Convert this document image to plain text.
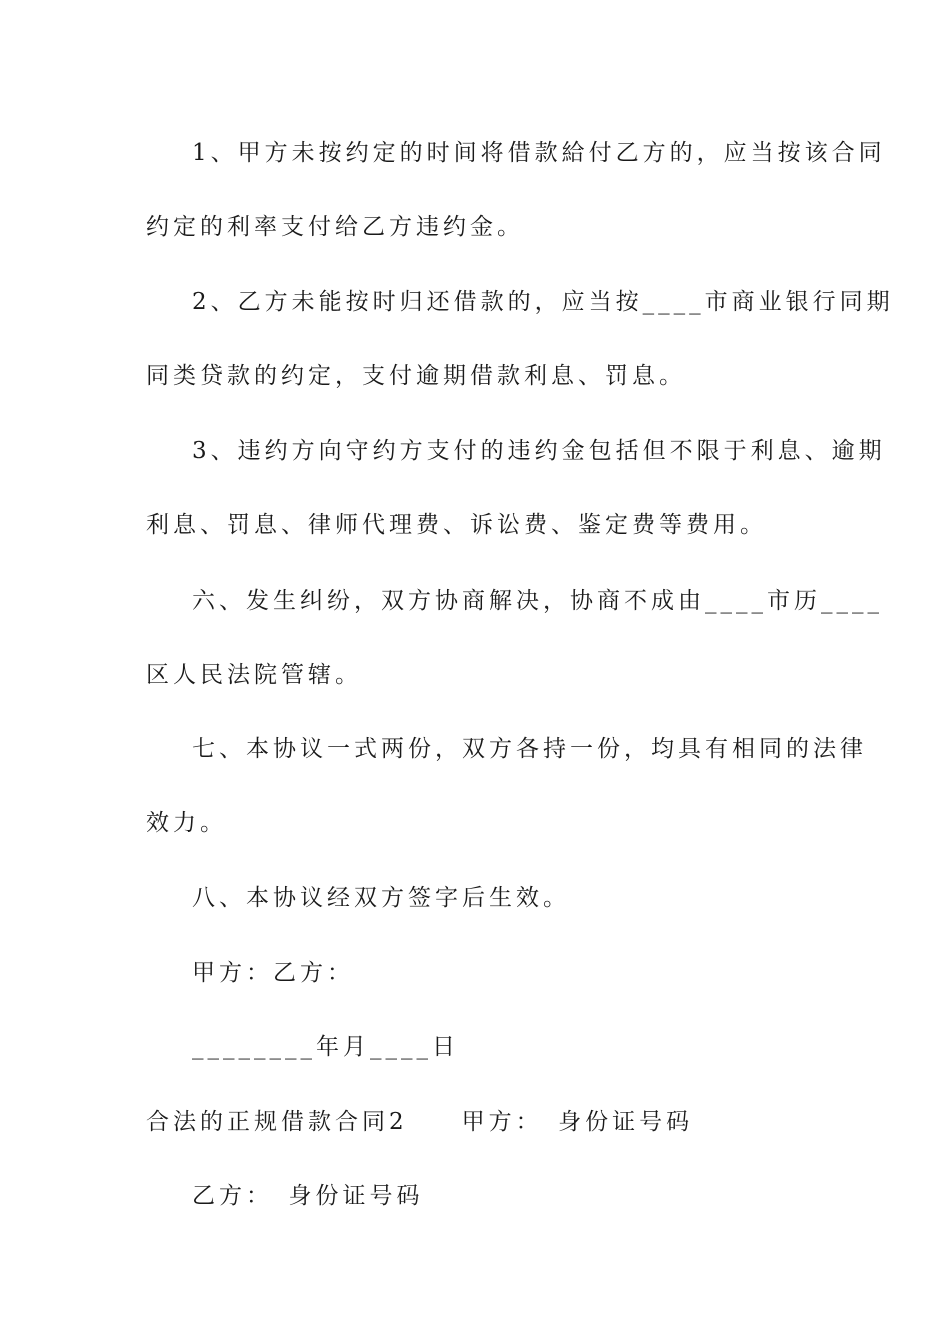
1、甲方未按约定的时间将借款給付乙方的，应当按该合同
约定的利率支付给乙方违约金。
2、乙方未能按时归还借款的，应当按____市商业银行同期
同类贷款的约定，支付逾期借款利息、罚息。
3、违约方向守约方支付的违约金包括但不限于利息、逾期
利息、罚息、律师代理费、诉讼费、鉴定费等费用。
六、发生纠纷，双方协商解决，协商不成由____市历____
区人民法院管辖。
七、本协议一式两份，双方各持一份，均具有相同的法律
效力。
八、本协议经双方签字后生效。
甲方：乙方：
________年月____日
合法的正规借款合同2　　甲方：　身份证号码
乙方：　身份证号码
